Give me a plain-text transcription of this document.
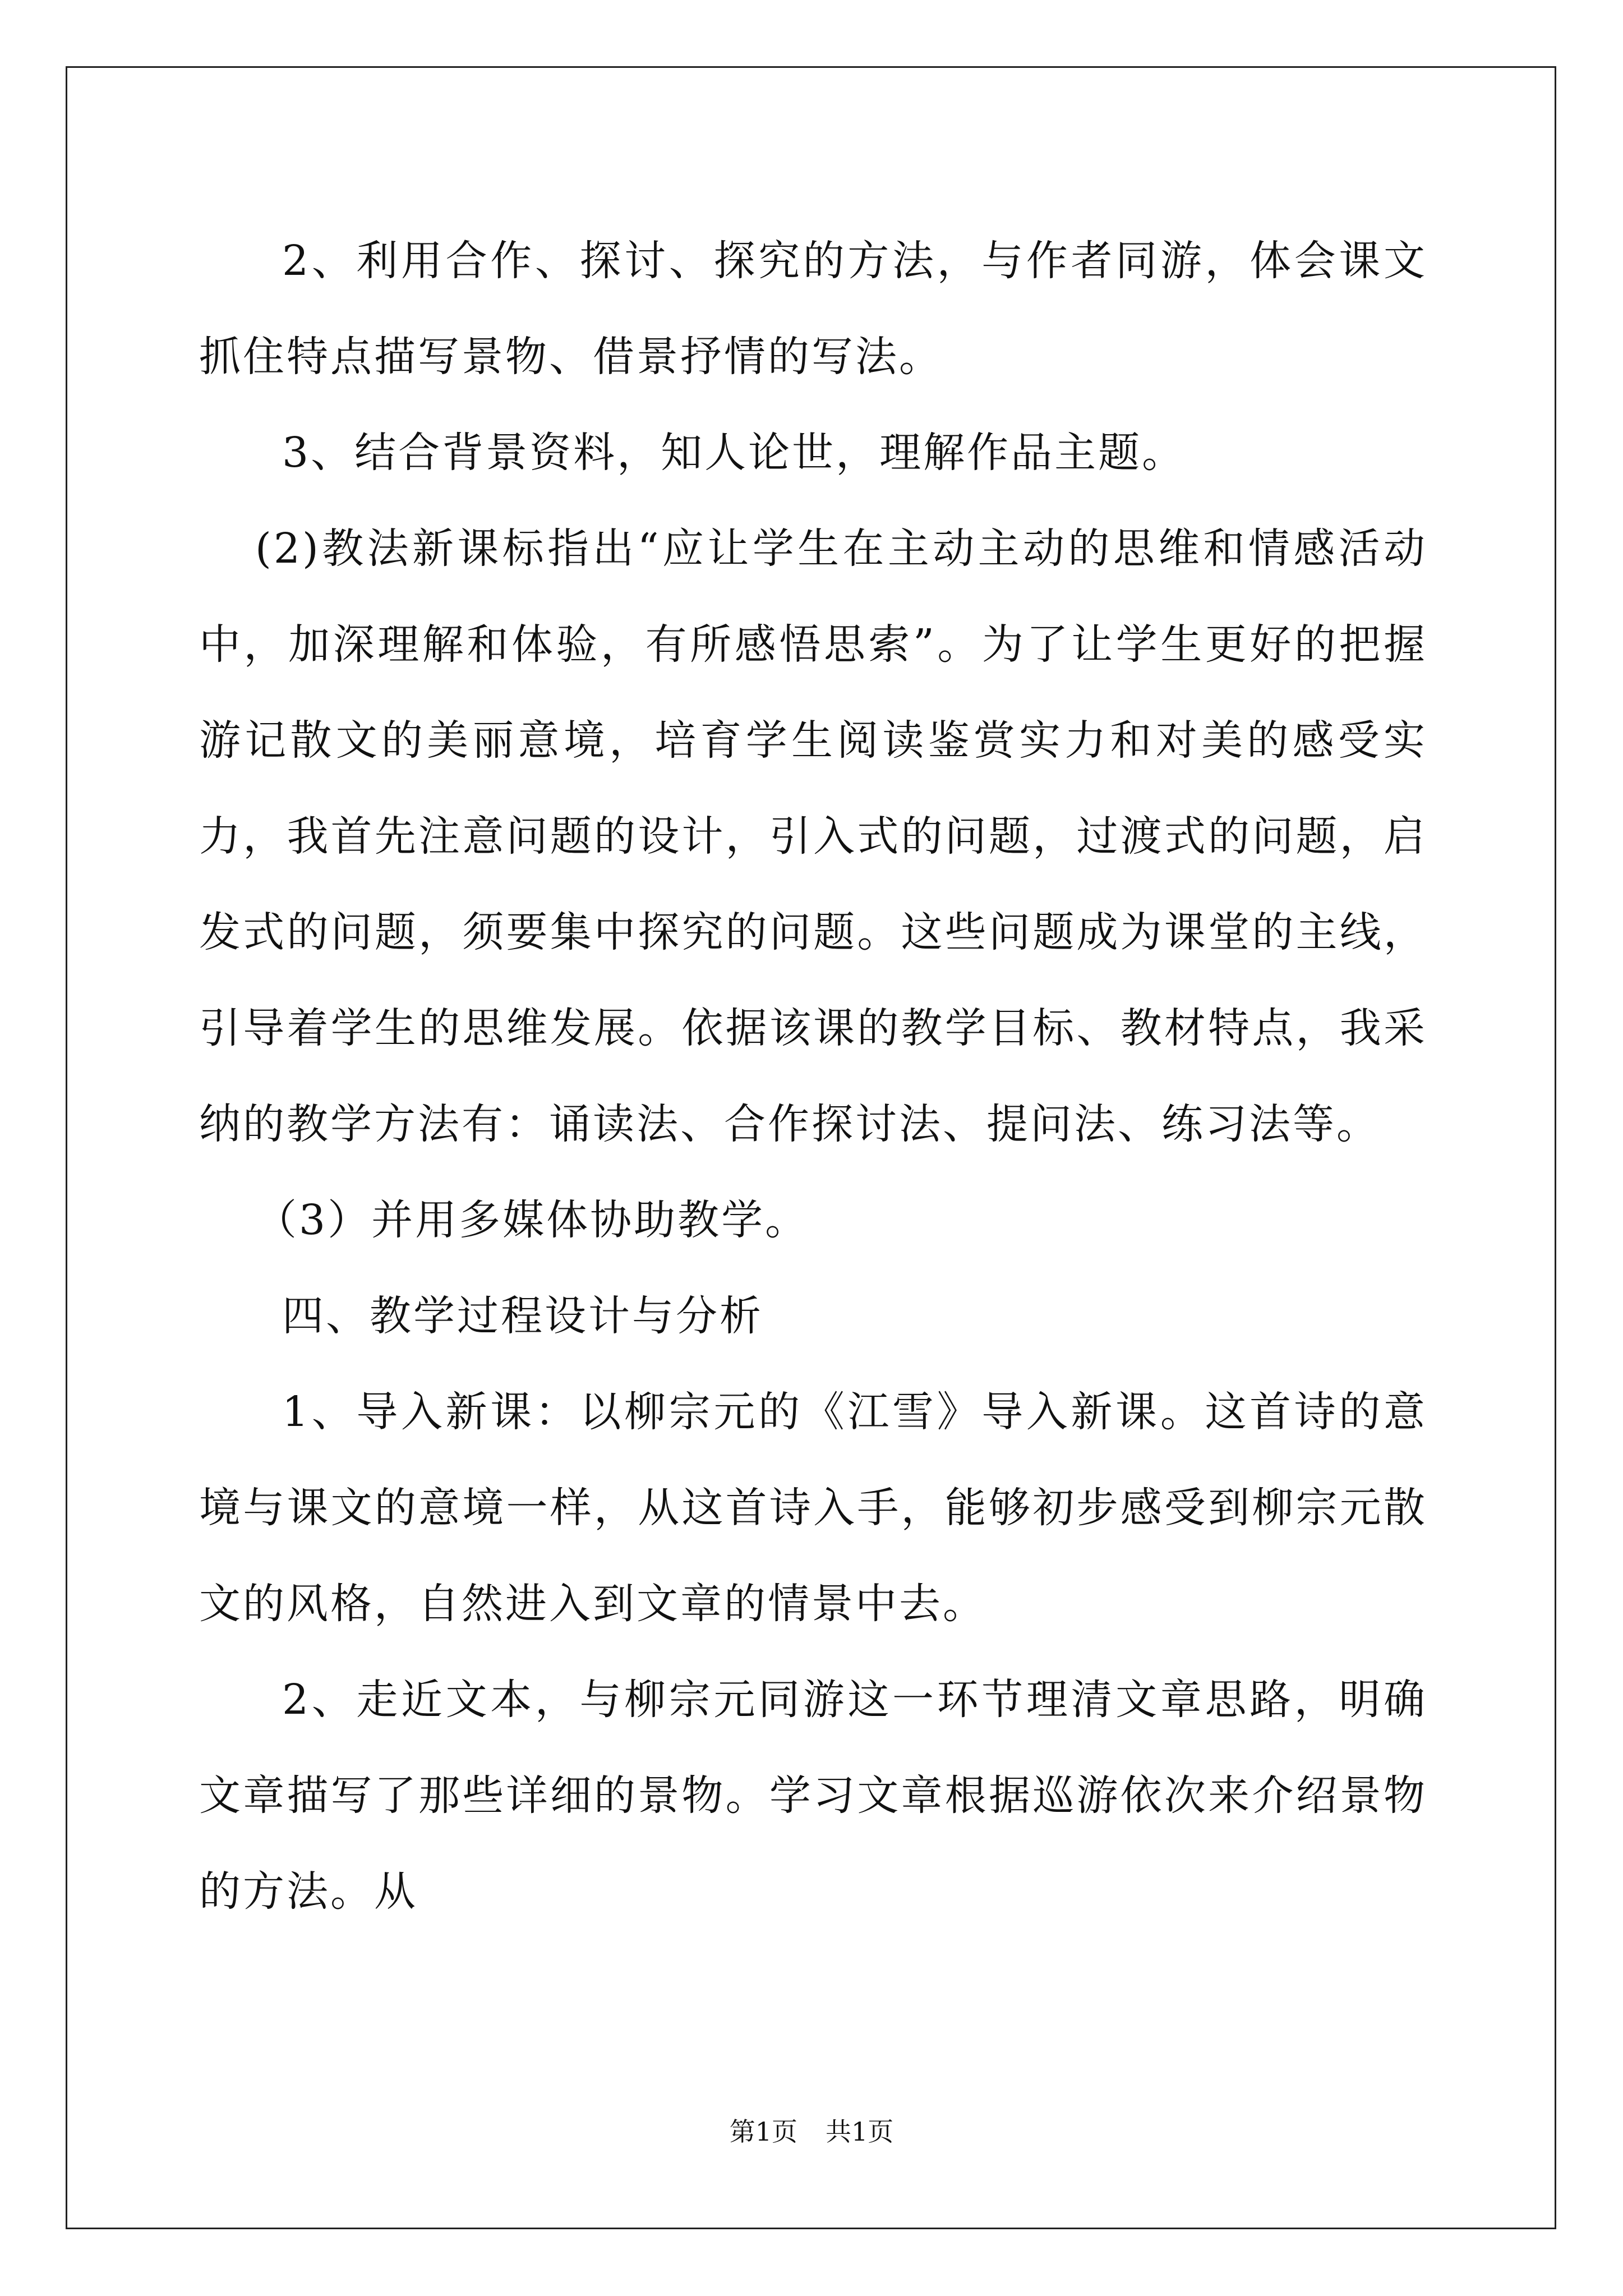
2、利用合作、探讨、探究的方法，与作者同游，体会课文抓住特点描写景物、借景抒情的写法。

3、结合背景资料，知人论世，理解作品主题。

(2)教法新课标指出“应让学生在主动主动的思维和情感活动中，加深理解和体验，有所感悟思索”。为了让学生更好的把握游记散文的美丽意境，培育学生阅读鉴赏实力和对美的感受实力，我首先注意问题的设计，引入式的问题，过渡式的问题，启发式的问题，须要集中探究的问题。这些问题成为课堂的主线，引导着学生的思维发展。依据该课的教学目标、教材特点，我采纳的教学方法有：诵读法、合作探讨法、提问法、练习法等。

（3）并用多媒体协助教学。

四、教学过程设计与分析

1、导入新课：以柳宗元的《江雪》导入新课。这首诗的意境与课文的意境一样，从这首诗入手，能够初步感受到柳宗元散文的风格，自然进入到文章的情景中去。

2、走近文本，与柳宗元同游这一环节理清文章思路，明确文章描写了那些详细的景物。学习文章根据巡游依次来介绍景物的方法。从

第1页 共1页
